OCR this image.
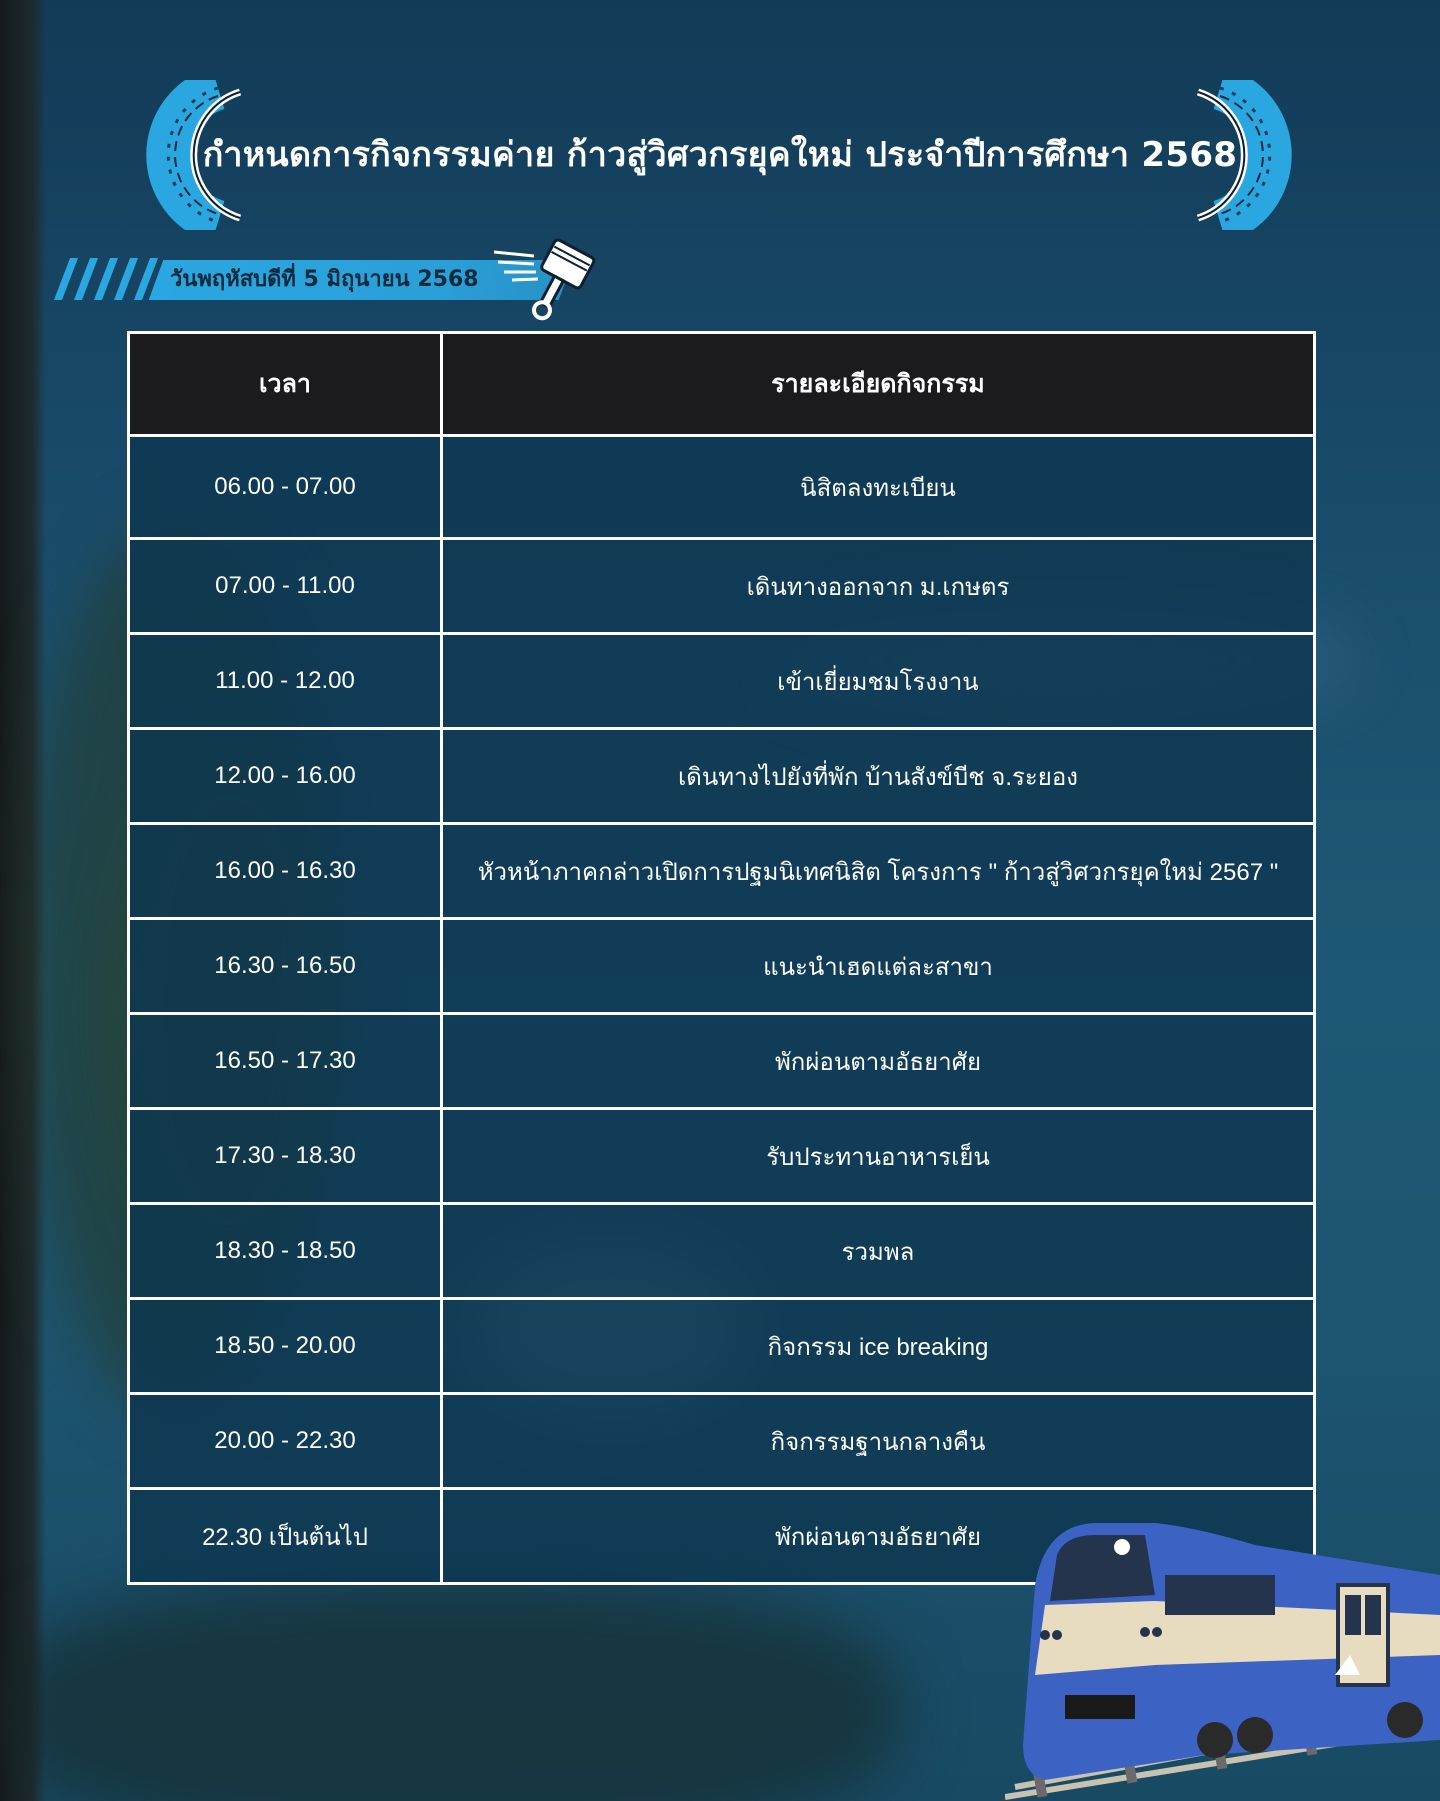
กำหนดการกิจกรรมค่าย ก้าวสู่วิศวกรยุคใหม่ ประจำปีการศึกษา 2568
วันพฤหัสบดีที่ 5 มิถุนายน 2568
เวลา	รายละเอียดกิจกรรม
06.00 - 07.00	นิสิตลงทะเบียน
07.00 - 11.00	เดินทางออกจาก ม.เกษตร
11.00 - 12.00	เข้าเยี่ยมชมโรงงาน
12.00 - 16.00	เดินทางไปยังที่พัก บ้านสังข์บีช จ.ระยอง
16.00 - 16.30	หัวหน้าภาคกล่าวเปิดการปฐมนิเทศนิสิต โครงการ " ก้าวสู่วิศวกรยุคใหม่ 2567 "
16.30 - 16.50	แนะนำเฮดแต่ละสาขา
16.50 - 17.30	พักผ่อนตามอัธยาศัย
17.30 - 18.30	รับประทานอาหารเย็น
18.30 - 18.50	รวมพล
18.50 - 20.00	กิจกรรม ice breaking
20.00 - 22.30	กิจกรรมฐานกลางคืน
22.30 เป็นต้นไป	พักผ่อนตามอัธยาศัย
